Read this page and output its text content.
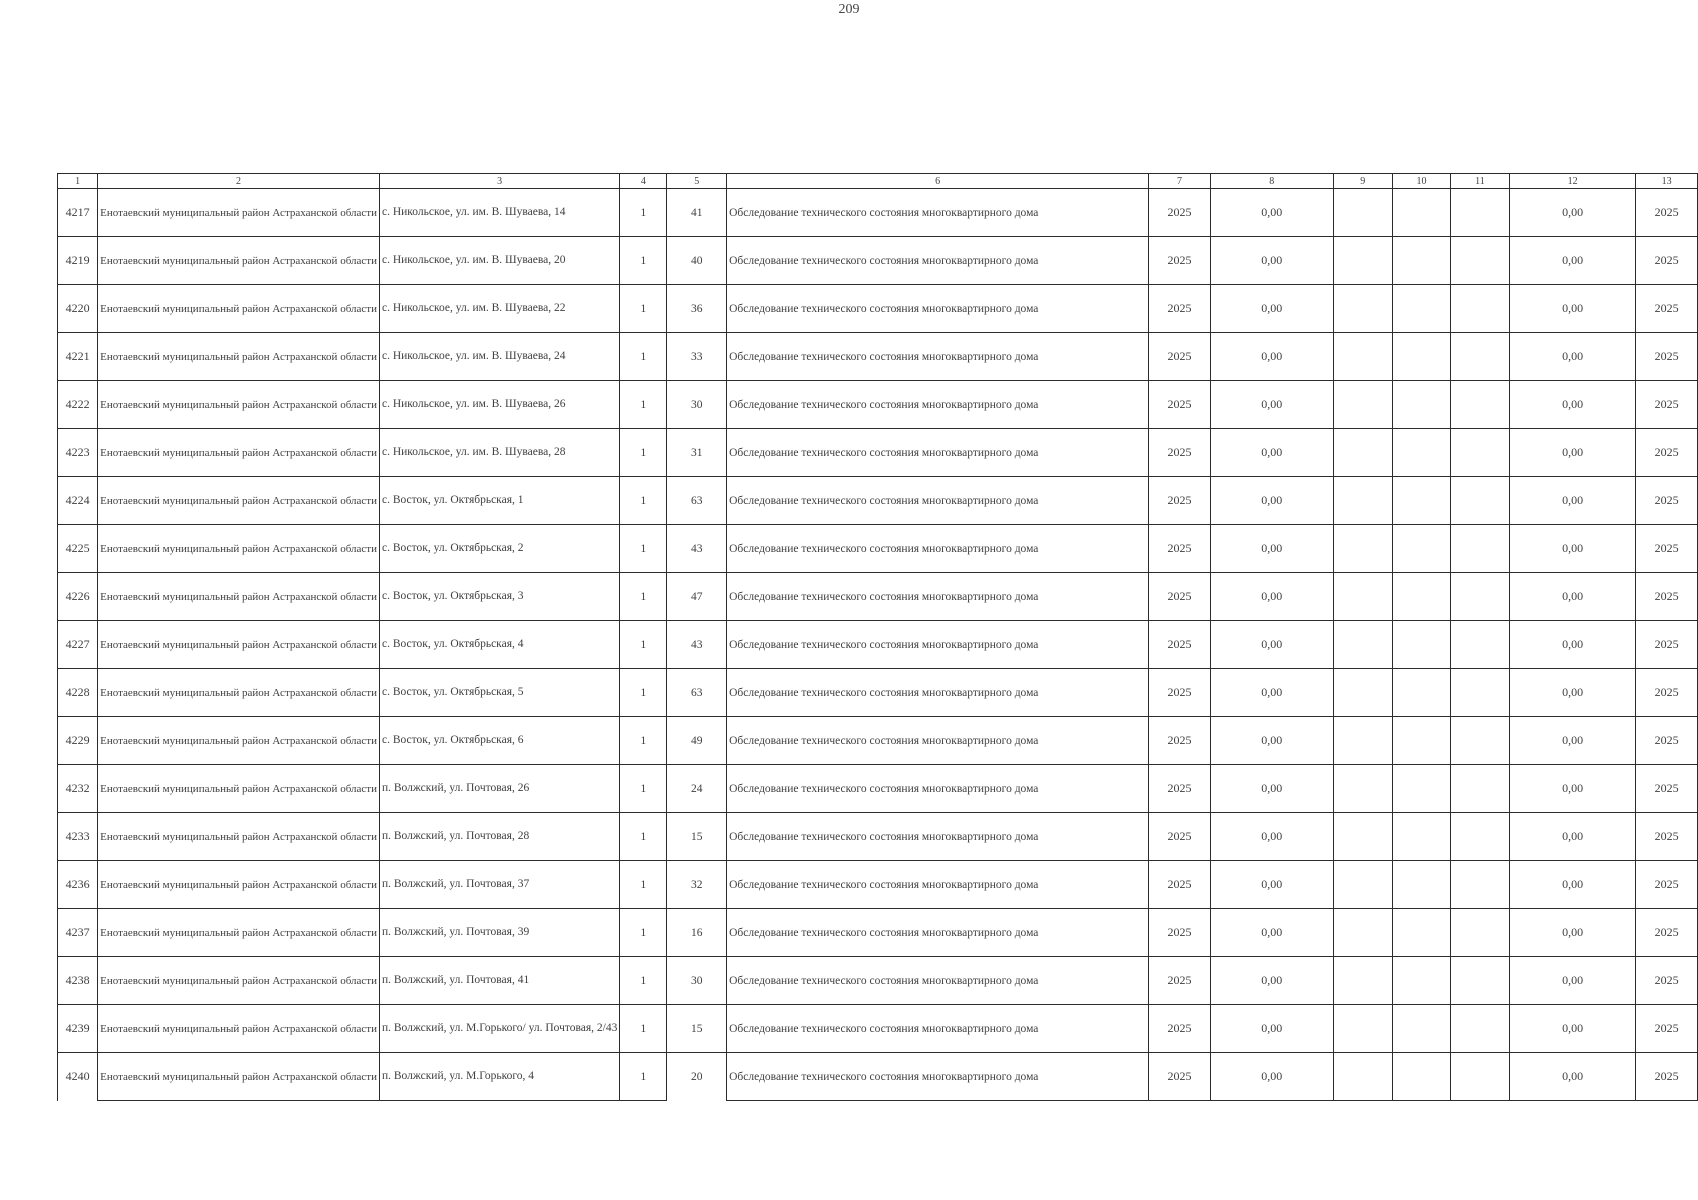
209
1	2	3	4	5	6	7	8	9	10	11	12	13
4217	Енотаевский муниципальный район Астраханской области	с. Никольское, ул. им. В. Шуваева, 14	1	41	Обследование технического состояния многоквартирного дома	2025	0,00				0,00	2025
4219	Енотаевский муниципальный район Астраханской области	с. Никольское, ул. им. В. Шуваева, 20	1	40	Обследование технического состояния многоквартирного дома	2025	0,00				0,00	2025
4220	Енотаевский муниципальный район Астраханской области	с. Никольское, ул. им. В. Шуваева, 22	1	36	Обследование технического состояния многоквартирного дома	2025	0,00				0,00	2025
4221	Енотаевский муниципальный район Астраханской области	с. Никольское, ул. им. В. Шуваева, 24	1	33	Обследование технического состояния многоквартирного дома	2025	0,00				0,00	2025
4222	Енотаевский муниципальный район Астраханской области	с. Никольское, ул. им. В. Шуваева, 26	1	30	Обследование технического состояния многоквартирного дома	2025	0,00				0,00	2025
4223	Енотаевский муниципальный район Астраханской области	с. Никольское, ул. им. В. Шуваева, 28	1	31	Обследование технического состояния многоквартирного дома	2025	0,00				0,00	2025
4224	Енотаевский муниципальный район Астраханской области	с. Восток, ул. Октябрьская, 1	1	63	Обследование технического состояния многоквартирного дома	2025	0,00				0,00	2025
4225	Енотаевский муниципальный район Астраханской области	с. Восток, ул. Октябрьская, 2	1	43	Обследование технического состояния многоквартирного дома	2025	0,00				0,00	2025
4226	Енотаевский муниципальный район Астраханской области	с. Восток, ул. Октябрьская, 3	1	47	Обследование технического состояния многоквартирного дома	2025	0,00				0,00	2025
4227	Енотаевский муниципальный район Астраханской области	с. Восток, ул. Октябрьская, 4	1	43	Обследование технического состояния многоквартирного дома	2025	0,00				0,00	2025
4228	Енотаевский муниципальный район Астраханской области	с. Восток, ул. Октябрьская, 5	1	63	Обследование технического состояния многоквартирного дома	2025	0,00				0,00	2025
4229	Енотаевский муниципальный район Астраханской области	с. Восток, ул. Октябрьская, 6	1	49	Обследование технического состояния многоквартирного дома	2025	0,00				0,00	2025
4232	Енотаевский муниципальный район Астраханской области	п. Волжский, ул. Почтовая, 26	1	24	Обследование технического состояния многоквартирного дома	2025	0,00				0,00	2025
4233	Енотаевский муниципальный район Астраханской области	п. Волжский, ул. Почтовая, 28	1	15	Обследование технического состояния многоквартирного дома	2025	0,00				0,00	2025
4236	Енотаевский муниципальный район Астраханской области	п. Волжский, ул. Почтовая, 37	1	32	Обследование технического состояния многоквартирного дома	2025	0,00				0,00	2025
4237	Енотаевский муниципальный район Астраханской области	п. Волжский, ул. Почтовая, 39	1	16	Обследование технического состояния многоквартирного дома	2025	0,00				0,00	2025
4238	Енотаевский муниципальный район Астраханской области	п. Волжский, ул. Почтовая, 41	1	30	Обследование технического состояния многоквартирного дома	2025	0,00				0,00	2025
4239	Енотаевский муниципальный район Астраханской области	п. Волжский, ул. М.Горького/ ул. Почтовая, 2/43	1	15	Обследование технического состояния многоквартирного дома	2025	0,00				0,00	2025
4240	Енотаевский муниципальный район Астраханской области	п. Волжский, ул. М.Горького, 4	1	20	Обследование технического состояния многоквартирного дома	2025	0,00				0,00	2025
